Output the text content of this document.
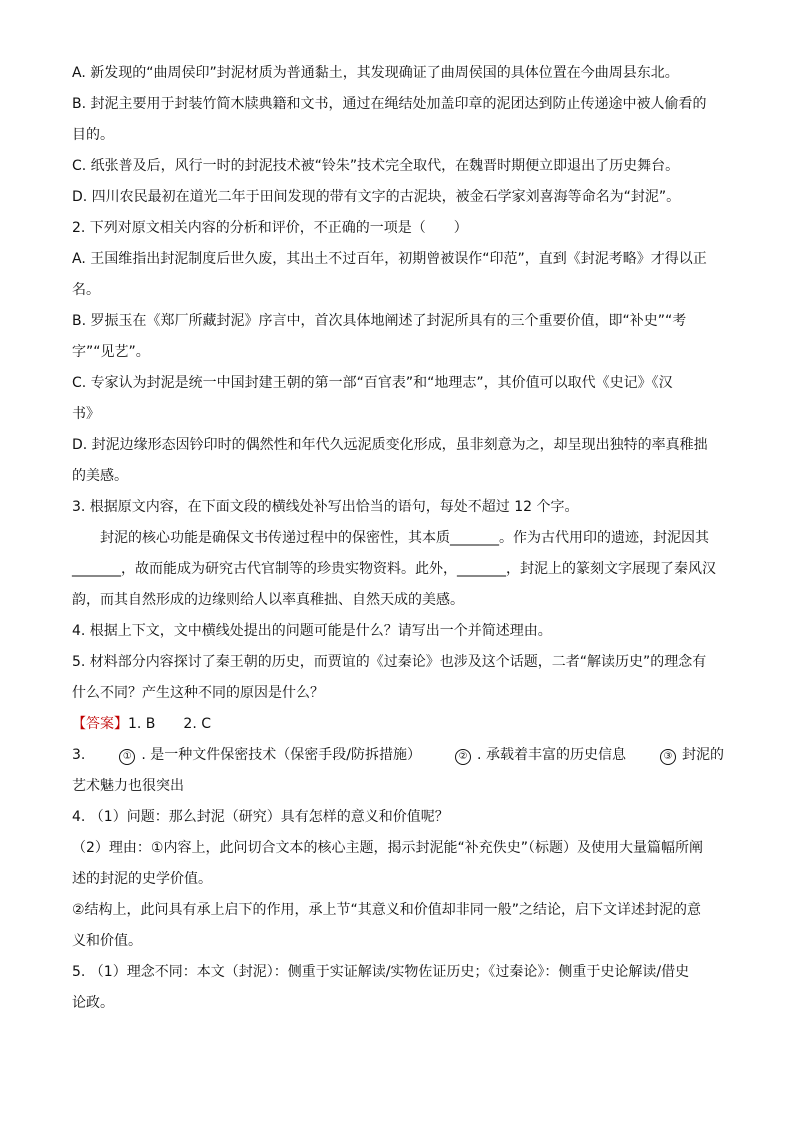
A. 新发现的“曲周侯印”封泥材质为普通黏土，其发现确证了曲周侯国的具体位置在今曲周县东北。
B. 封泥主要用于封装竹简木牍典籍和文书，通过在绳结处加盖印章的泥团达到防止传递途中被人偷看的
目的。
C. 纸张普及后，风行一时的封泥技术被“铃朱”技术完全取代，在魏晋时期便立即退出了历史舞台。
D. 四川农民最初在道光二年于田间发现的带有文字的古泥块，被金石学家刘喜海等命名为“封泥”。
2. 下列对原文相关内容的分析和评价，不正确的一项是（　　）
A. 王国维指出封泥制度后世久废，其出土不过百年，初期曾被误作“印范”，直到《封泥考略》才得以正
名。
B. 罗振玉在《郑厂所藏封泥》序言中，首次具体地阐述了封泥所具有的三个重要价值，即“补史”“考
字”“见艺”。
C. 专家认为封泥是统一中国封建王朝的第一部“百官表”和“地理志”，其价值可以取代《史记》《汉
书》
D. 封泥边缘形态因钤印时的偶然性和年代久远泥质变化形成，虽非刻意为之，却呈现出独特的率真稚拙
的美感。
3. 根据原文内容，在下面文段的横线处补写出恰当的语句，每处不超过 12 个字。
封泥的核心功能是确保文书传递过程中的保密性，其本质_______。作为古代用印的遗迹，封泥因其
_______，故而能成为研究古代官制等的珍贵实物资料。此外，_______，封泥上的篆刻文字展现了秦风汉
韵，而其自然形成的边缘则给人以率真稚拙、自然天成的美感。
4. 根据上下文，文中横线处提出的问题可能是什么？请写出一个并简述理由。
5. 材料部分内容探讨了秦王朝的历史，而贾谊的《过秦论》也涉及这个话题，二者“解读历史”的理念有
什么不同？产生这种不同的原因是什么？
【答案】1. B　　2. C
3.	① . 是一种文件保密技术（保密手段/防拆措施）	② . 承载着丰富的历史信息	③ 封泥的
艺术魅力也很突出
4. （1）问题：那么封泥（研究）具有怎样的意义和价值呢？
（2）理由：①内容上，此问切合文本的核心主题，揭示封泥能“补充佚史”（标题）及使用大量篇幅所阐
述的封泥的史学价值。
②结构上，此问具有承上启下的作用，承上节“其意义和价值却非同一般”之结论，启下文详述封泥的意
义和价值。
5. （1）理念不同：本文（封泥）：侧重于实证解读/实物佐证历史；《过秦论》：侧重于史论解读/借史
论政。
